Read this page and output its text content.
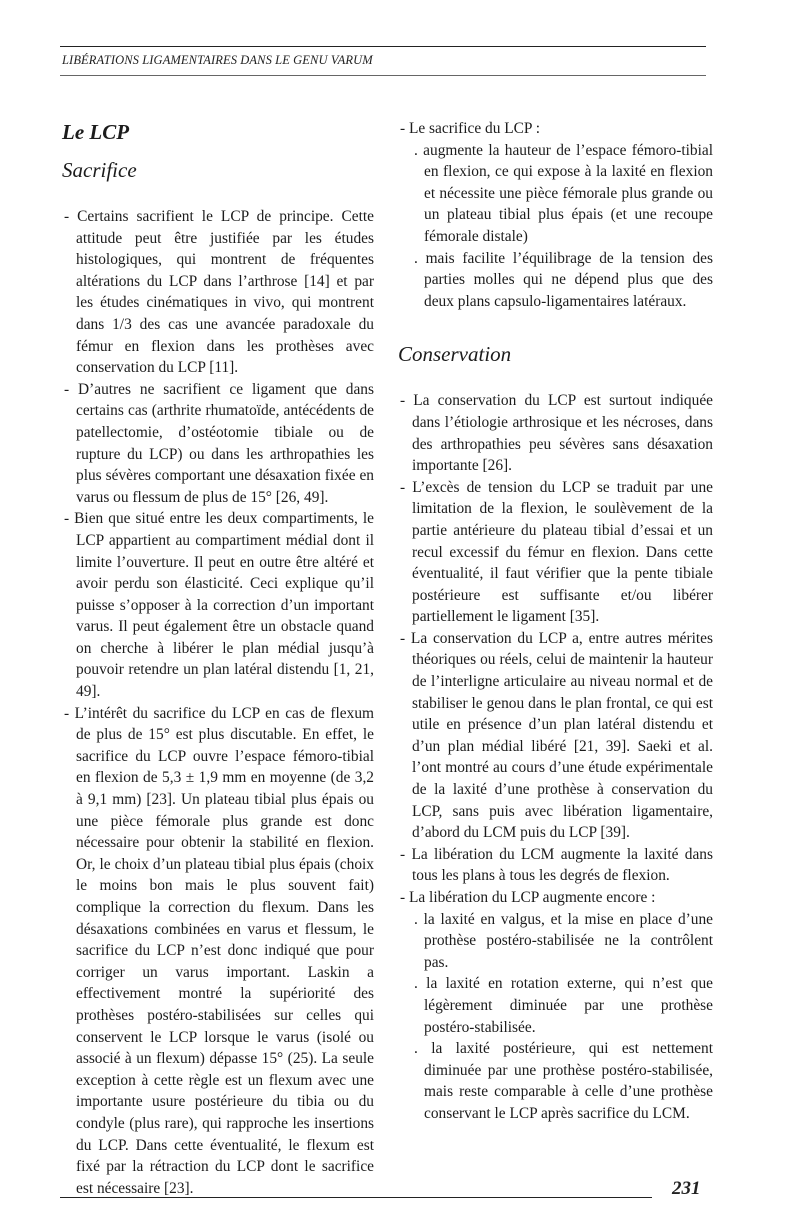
LIBÉRATIONS LIGAMENTAIRES DANS LE GENU VARUM
Le LCP
Sacrifice

- Certains sacrifient le LCP de principe. Cette attitude peut être justifiée par les études histologiques, qui montrent de fréquentes altérations du LCP dans l’arthrose [14] et par les études cinématiques in vivo, qui montrent dans 1/3 des cas une avancée paradoxale du fémur en flexion dans les prothèses avec conservation du LCP [11].

- D’autres ne sacrifient ce ligament que dans certains cas (arthrite rhumatoïde, antécédents de patellectomie, d’ostéotomie tibiale ou de rupture du LCP) ou dans les arthropathies les plus sévères comportant une désaxation fixée en varus ou flessum de plus de 15° [26, 49].

- Bien que situé entre les deux compartiments, le LCP appartient au compartiment médial dont il limite l’ouverture. Il peut en outre être altéré et avoir perdu son élasticité. Ceci explique qu’il puisse s’opposer à la correction d’un important varus. Il peut également être un obstacle quand on cherche à libérer le plan médial jusqu’à pouvoir retendre un plan latéral distendu [1, 21, 49].

- L’intérêt du sacrifice du LCP en cas de flexum de plus de 15° est plus discutable. En effet, le sacrifice du LCP ouvre l’espace fémoro-tibial en flexion de 5,3 ± 1,9 mm en moyenne (de 3,2 à 9,1 mm) [23]. Un plateau tibial plus épais ou une pièce fémorale plus grande est donc nécessaire pour obtenir la stabilité en flexion. Or, le choix d’un plateau tibial plus épais (choix le moins bon mais le plus souvent fait) complique la correction du flexum. Dans les désaxations combinées en varus et flessum, le sacrifice du LCP n’est donc indiqué que pour corriger un varus important. Laskin a effectivement montré la supériorité des prothèses postéro-stabilisées sur celles qui conservent le LCP lorsque le varus (isolé ou associé à un flexum) dépasse 15° (25). La seule exception à cette règle est un flexum avec une importante usure postérieure du tibia ou du condyle (plus rare), qui rapproche les insertions du LCP. Dans cette éventualité, le flexum est fixé par la rétraction du LCP dont le sacrifice est nécessaire [23].

- Le sacrifice du LCP :

. augmente la hauteur de l’espace fémoro-tibial en flexion, ce qui expose à la laxité en flexion et nécessite une pièce fémorale plus grande ou un plateau tibial plus épais (et une recoupe fémorale distale)

. mais facilite l’équilibrage de la tension des parties molles qui ne dépend plus que des deux plans capsulo-ligamentaires latéraux.

Conservation

- La conservation du LCP est surtout indiquée dans l’étiologie arthrosique et les nécroses, dans des arthropathies peu sévères sans désaxation importante [26].

- L’excès de tension du LCP se traduit par une limitation de la flexion, le soulèvement de la partie antérieure du plateau tibial d’essai et un recul excessif du fémur en flexion. Dans cette éventualité, il faut vérifier que la pente tibiale postérieure est suffisante et/ou libérer partiellement le ligament [35].

- La conservation du LCP a, entre autres mérites théoriques ou réels, celui de maintenir la hauteur de l’interligne articulaire au niveau normal et de stabiliser le genou dans le plan frontal, ce qui est utile en présence d’un plan latéral distendu et d’un plan médial libéré [21, 39]. Saeki et al. l’ont montré au cours d’une étude expérimentale de la laxité d’une prothèse à conservation du LCP, sans puis avec libération ligamentaire, d’abord du LCM puis du LCP [39].

- La libération du LCM augmente la laxité dans tous les plans à tous les degrés de flexion.

- La libération du LCP augmente encore :

. la laxité en valgus, et la mise en place d’une prothèse postéro-stabilisée ne la contrôlent pas.

. la laxité en rotation externe, qui n’est que légèrement diminuée par une prothèse postéro-stabilisée.

. la laxité postérieure, qui est nettement diminuée par une prothèse postéro-stabilisée, mais reste comparable à celle d’une prothèse conservant le LCP après sacrifice du LCM.

231
